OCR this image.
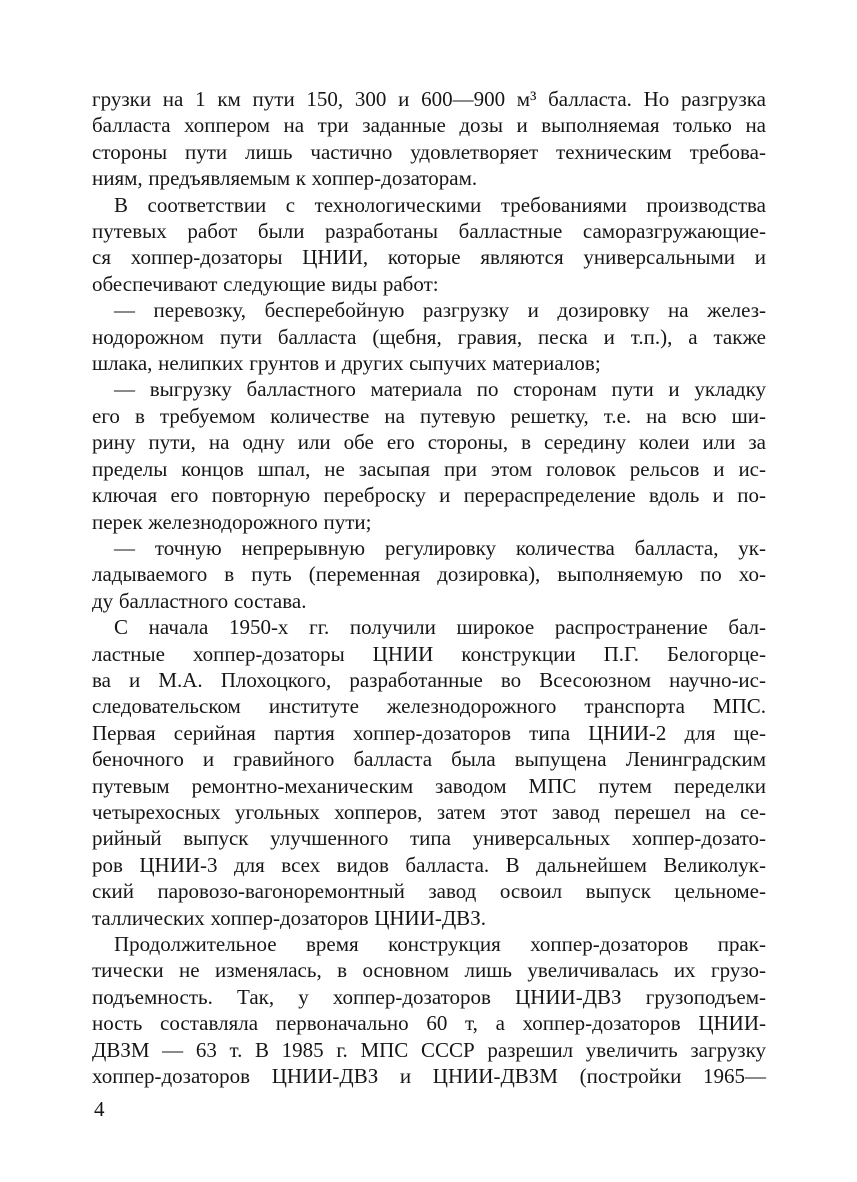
грузки на 1 км пути 150, 300 и 600—900 м³ балласта. Но разгрузка
балласта хоппером на три заданные дозы и выполняемая только на
стороны пути лишь частично удовлетворяет техническим требова-
ниям, предъявляемым к хоппер-дозаторам.
В соответствии с технологическими требованиями производства
путевых работ были разработаны балластные саморазгружающие-
ся хоппер-дозаторы ЦНИИ, которые являются универсальными и
обеспечивают следующие виды работ:
— перевозку, бесперебойную разгрузку и дозировку на желез-
нодорожном пути балласта (щебня, гравия, песка и т.п.), а также
шлака, нелипких грунтов и других сыпучих материалов;
— выгрузку балластного материала по сторонам пути и укладку
его в требуемом количестве на путевую решетку, т.е. на всю ши-
рину пути, на одну или обе его стороны, в середину колеи или за
пределы концов шпал, не засыпая при этом головок рельсов и ис-
ключая его повторную переброску и перераспределение вдоль и по-
перек железнодорожного пути;
— точную непрерывную регулировку количества балласта, ук-
ладываемого в путь (переменная дозировка), выполняемую по хо-
ду балластного состава.
С начала 1950-х гг. получили широкое распространение бал-
ластные хоппер-дозаторы ЦНИИ конструкции П.Г. Белогорце-
ва и М.А. Плохоцкого, разработанные во Всесоюзном научно-ис-
следовательском институте железнодорожного транспорта МПС.
Первая серийная партия хоппер-дозаторов типа ЦНИИ-2 для ще-
беночного и гравийного балласта была выпущена Ленинградским
путевым ремонтно-механическим заводом МПС путем переделки
четырехосных угольных хопперов, затем этот завод перешел на се-
рийный выпуск улучшенного типа универсальных хоппер-дозато-
ров ЦНИИ-3 для всех видов балласта. В дальнейшем Великолук-
ский паровозо-вагоноремонтный завод освоил выпуск цельноме-
таллических хоппер-дозаторов ЦНИИ-ДВЗ.
Продолжительное время конструкция хоппер-дозаторов прак-
тически не изменялась, в основном лишь увеличивалась их грузо-
подъемность. Так, у хоппер-дозаторов ЦНИИ-ДВЗ грузоподъем-
ность составляла первоначально 60 т, а хоппер-дозаторов ЦНИИ-
ДВЗМ — 63 т. В 1985 г. МПС СССР разрешил увеличить загрузку
хоппер-дозаторов ЦНИИ-ДВЗ и ЦНИИ-ДВЗМ (постройки 1965—
4
